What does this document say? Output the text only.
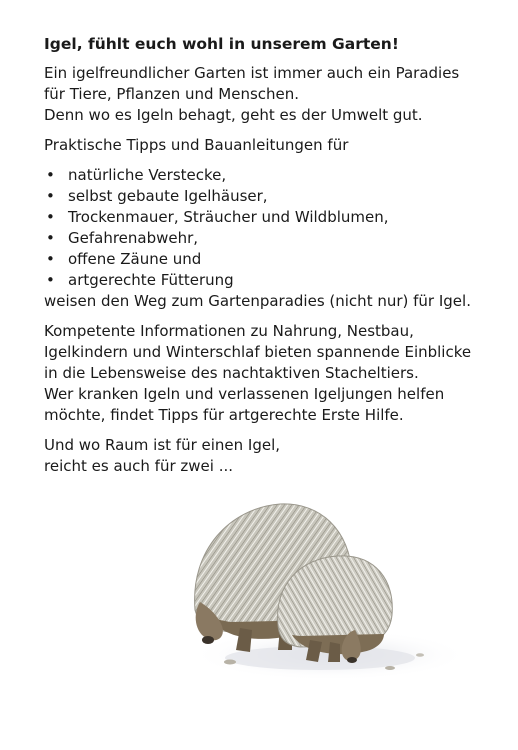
Igel, fühlt euch wohl in unserem Garten!

Ein igelfreundlicher Garten ist immer auch ein Paradies
für Tiere, Pflanzen und Menschen.
Denn wo es Igeln behagt, geht es der Umwelt gut.

Praktische Tipps und Bauanleitungen für

• natürliche Verstecke,
• selbst gebaute Igelhäuser,
• Trockenmauer, Sträucher und Wildblumen,
• Gefahrenabwehr,
• offene Zäune und
• artgerechte Fütterung
weisen den Weg zum Gartenparadies (nicht nur) für Igel.

Kompetente Informationen zu Nahrung, Nestbau,
Igelkindern und Winterschlaf bieten spannende Einblicke
in die Lebensweise des nachtaktiven Stacheltiers.
Wer kranken Igeln und verlassenen Igeljungen helfen
möchte, findet Tipps für artgerechte Erste Hilfe.

Und wo Raum ist für einen Igel,
reicht es auch für zwei ...
